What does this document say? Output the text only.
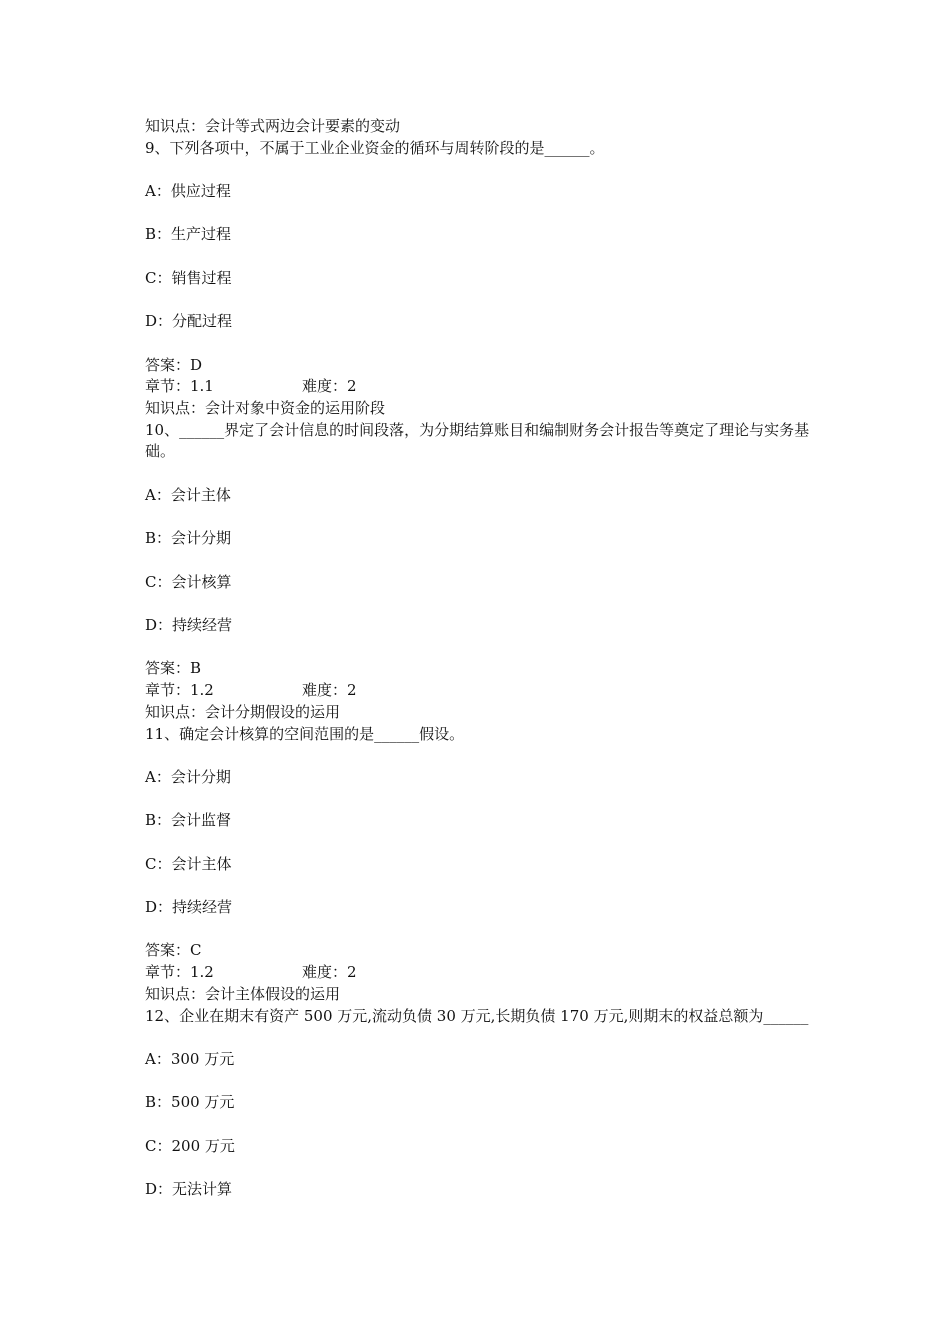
知识点：会计等式两边会计要素的变动
9、下列各项中，不属于工业企业资金的循环与周转阶段的是______。
A：供应过程
B：生产过程
C：销售过程
D：分配过程
答案：D
章节：1.1	难度：2
知识点：会计对象中资金的运用阶段
10、______界定了会计信息的时间段落，为分期结算账目和编制财务会计报告等奠定了理论与实务基础。
A：会计主体
B：会计分期
C：会计核算
D：持续经营
答案：B
章节：1.2	难度：2
知识点：会计分期假设的运用
11、确定会计核算的空间范围的是______假设。
A：会计分期
B：会计监督
C：会计主体
D：持续经营
答案：C
章节：1.2	难度：2
知识点：会计主体假设的运用
12、企业在期末有资产 500 万元,流动负债 30 万元,长期负债 170 万元,则期末的权益总额为______
A：300 万元
B：500 万元
C：200 万元
D：无法计算
